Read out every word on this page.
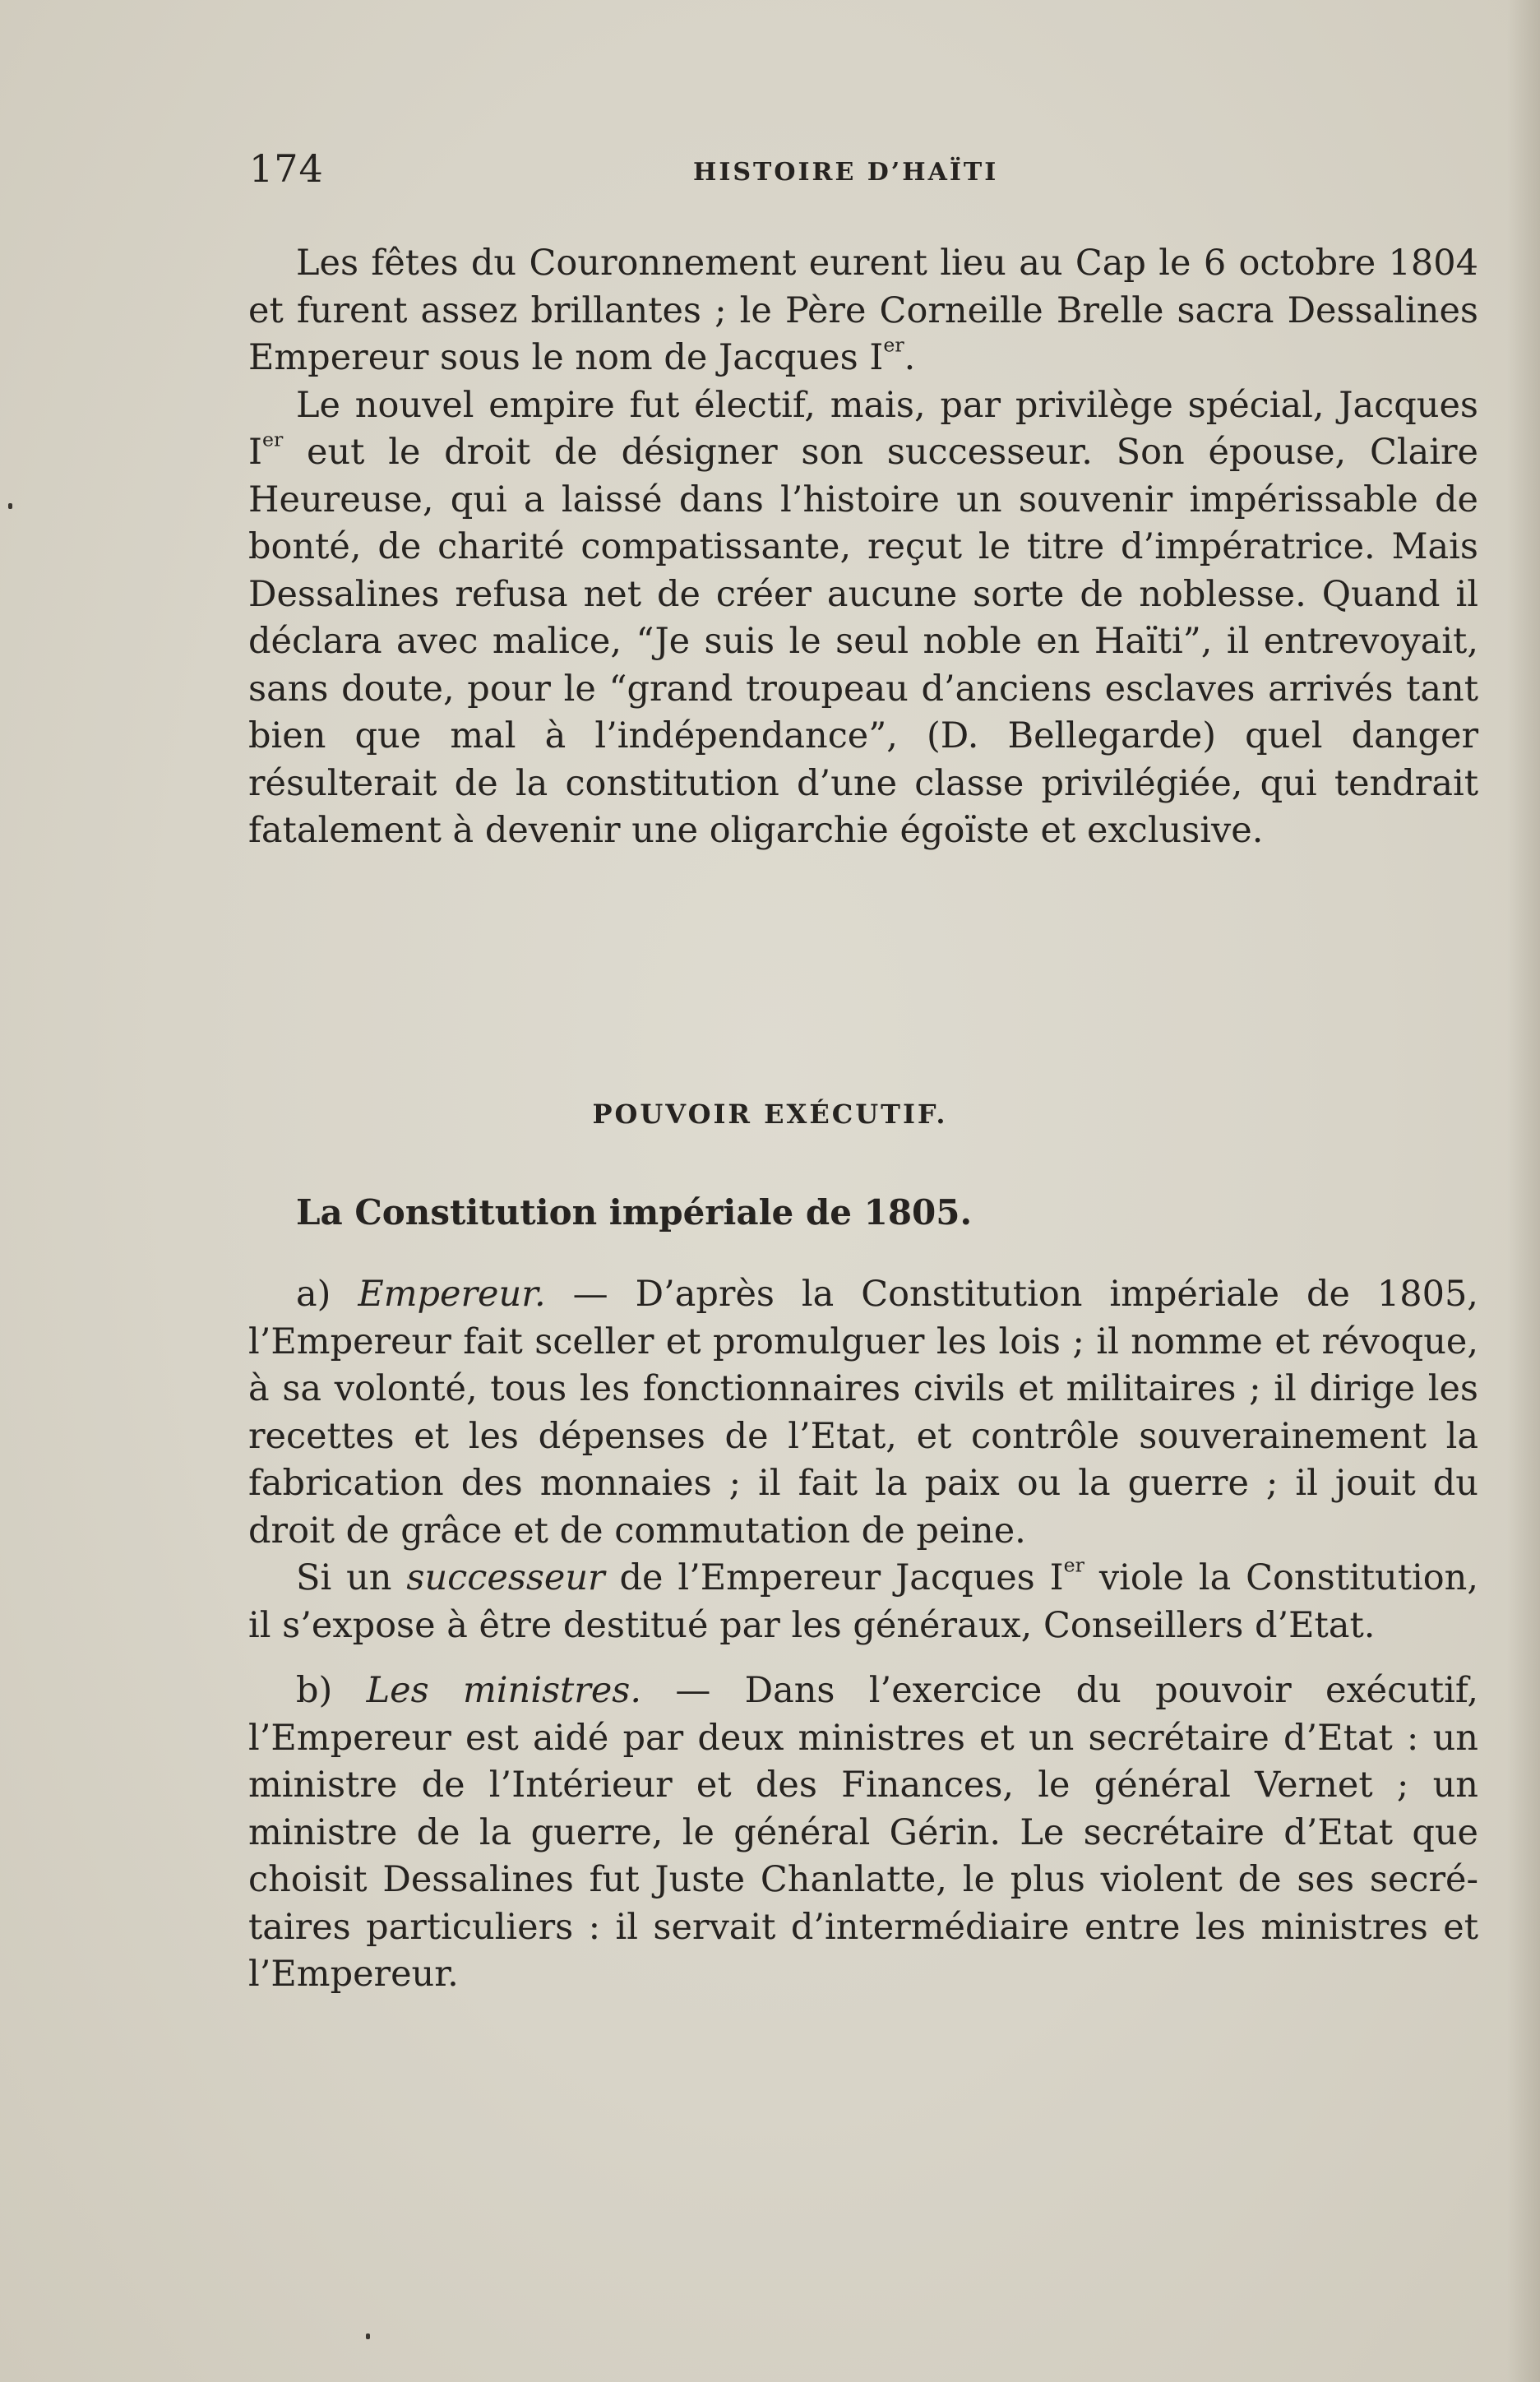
174	HISTOIRE D’HAÏTI

Les fêtes du Couronnement eurent lieu au Cap le 6 octobre 1804 et furent assez brillantes ; le Père Corneille Brelle sacra Dessalines Empereur sous le nom de Jacques Ier.

Le nouvel empire fut électif, mais, par privilège spécial, Jacques Ier eut le droit de désigner son successeur. Son épouse, Claire Heureuse, qui a laissé dans l’histoire un souvenir impérissable de bonté, de charité compatissante, reçut le titre d’impératrice. Mais Dessalines refusa net de créer aucune sorte de noblesse. Quand il déclara avec malice, “Je suis le seul noble en Haïti”, il entrevoyait, sans doute, pour le “grand troupeau d’anciens esclaves arrivés tant bien que mal à l’indépendance”, (D. Bellegarde) quel danger résulterait de la constitution d’une classe privilégiée, qui tendrait fatalement à devenir une oligarchie égoïste et exclusive.

POUVOIR EXÉCUTIF.
La Constitution impériale de 1805.

a) Empereur. — D’après la Constitution impériale de 1805, l’Empereur fait sceller et promulguer les lois ; il nomme et révoque, à sa volonté, tous les fonctionnaires civils et militaires ; il dirige les recettes et les dépenses de l’Etat, et contrôle souverainement la fabrication des monnaies ; il fait la paix ou la guerre ; il jouit du droit de grâce et de commutation de peine.

Si un successeur de l’Empereur Jacques Ier viole la Constitution, il s’expose à être destitué par les généraux, Conseillers d’Etat.

b) Les ministres. — Dans l’exercice du pouvoir exécutif, l’Empereur est aidé par deux ministres et un secrétaire d’Etat : un ministre de l’Intérieur et des Finances, le général Vernet ; un ministre de la guerre, le général Gérin. Le secrétaire d’Etat que choisit Dessalines fut Juste Chanlatte, le plus violent de ses secrétaires particuliers : il servait d’intermédiaire entre les ministres et l’Empereur.
